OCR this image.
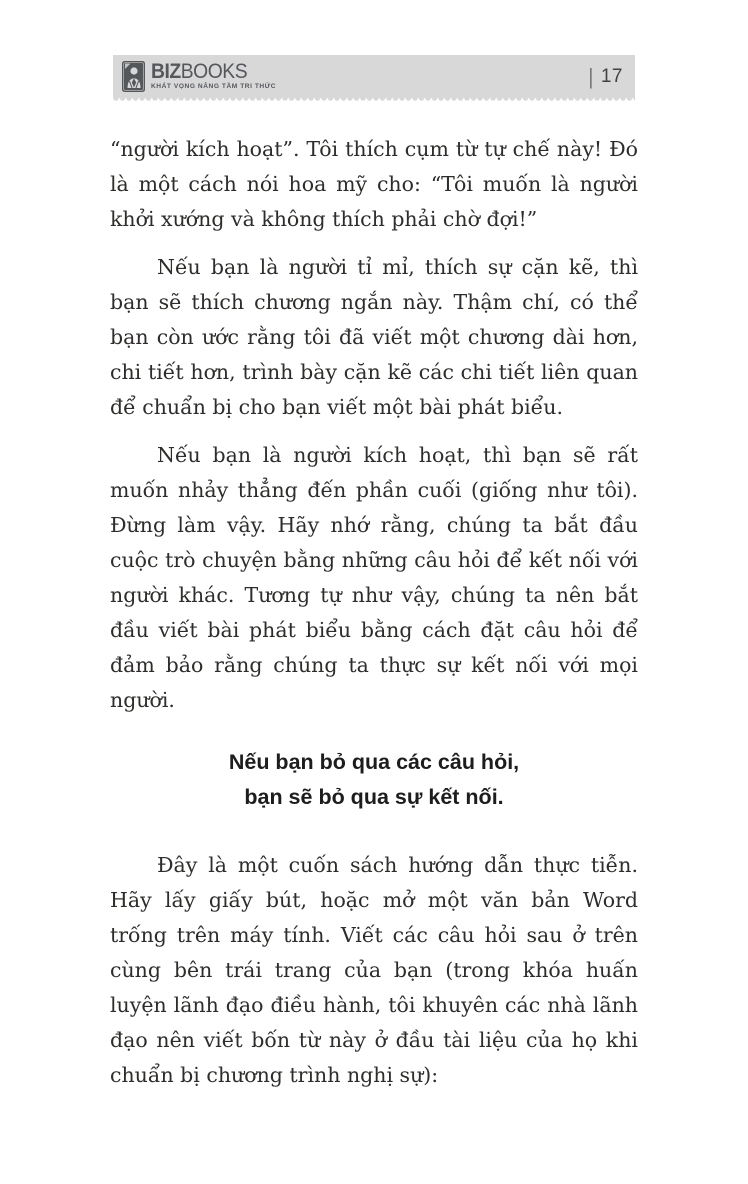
BIZBOOKS
KHÁT VỌNG NÂNG TẦM TRI THỨC	| 17

“người kích hoạt”. Tôi thích cụm từ tự chế này! Đó là một cách nói hoa mỹ cho: “Tôi muốn là người khởi xướng và không thích phải chờ đợi!”

Nếu bạn là người tỉ mỉ, thích sự cặn kẽ, thì bạn sẽ thích chương ngắn này. Thậm chí, có thể bạn còn ước rằng tôi đã viết một chương dài hơn, chi tiết hơn, trình bày cặn kẽ các chi tiết liên quan để chuẩn bị cho bạn viết một bài phát biểu.

Nếu bạn là người kích hoạt, thì bạn sẽ rất muốn nhảy thẳng đến phần cuối (giống như tôi). Đừng làm vậy. Hãy nhớ rằng, chúng ta bắt đầu cuộc trò chuyện bằng những câu hỏi để kết nối với người khác. Tương tự như vậy, chúng ta nên bắt đầu viết bài phát biểu bằng cách đặt câu hỏi để đảm bảo rằng chúng ta thực sự kết nối với mọi người.

Nếu bạn bỏ qua các câu hỏi,
bạn sẽ bỏ qua sự kết nối.

Đây là một cuốn sách hướng dẫn thực tiễn. Hãy lấy giấy bút, hoặc mở một văn bản Word trống trên máy tính. Viết các câu hỏi sau ở trên cùng bên trái trang của bạn (trong khóa huấn luyện lãnh đạo điều hành, tôi khuyên các nhà lãnh đạo nên viết bốn từ này ở đầu tài liệu của họ khi chuẩn bị chương trình nghị sự):
